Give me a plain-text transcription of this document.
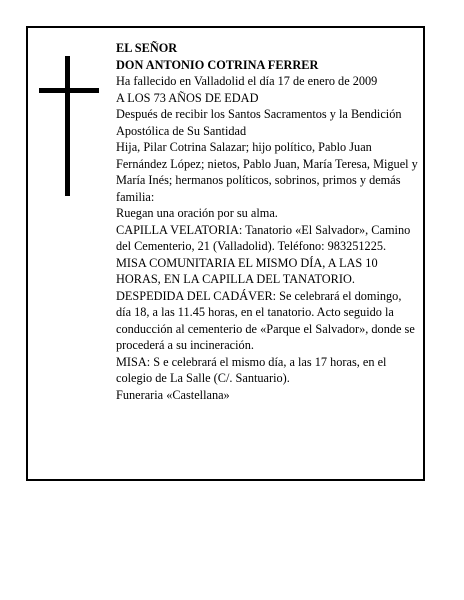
EL SEÑOR

DON ANTONIO COTRINA FERRER

Ha fallecido en Valladolid el día 17 de enero de 2009

A LOS 73 AÑOS DE EDAD

Después de recibir los Santos Sacramentos y la Bendición Apostólica de Su Santidad

Hija, Pilar Cotrina Salazar; hijo político, Pablo Juan Fernández López; nietos, Pablo Juan, María Teresa, Miguel y María Inés; hermanos políticos, sobrinos, primos y demás familia:

Ruegan una oración por su alma.

CAPILLA VELATORIA: Tanatorio «El Salvador», Camino del Cementerio, 21 (Valladolid). Teléfono: 983251225.

MISA COMUNITARIA EL MISMO DÍA, A LAS 10 HORAS, EN LA CAPILLA DEL TANATORIO.

DESPEDIDA DEL CADÁVER: Se celebrará el domingo, día 18, a las 11.45 horas, en el tanatorio. Acto seguido la conducción al cementerio de «Parque el Salvador», donde se procederá a su incineración.

MISA: S e celebrará el mismo día, a las 17 horas, en el colegio de La Salle (C/. Santuario).

Funeraria «Castellana»
